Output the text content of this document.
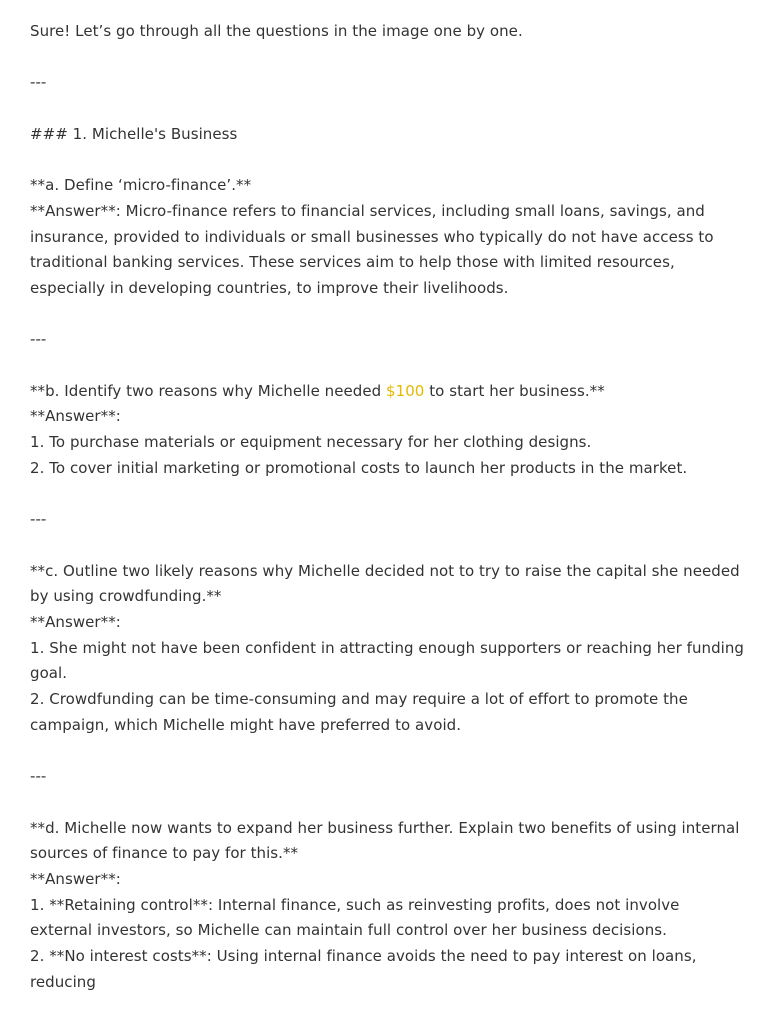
Sure! Let’s go through all the questions in the image one by one.
---
### 1. Michelle's Business
**a. Define ‘micro-finance’.**
**Answer**: Micro-finance refers to financial services, including small loans, savings, and insurance, provided to individuals or small businesses who typically do not have access to traditional banking services. These services aim to help those with limited resources, especially in developing countries, to improve their livelihoods.
---
**b. Identify two reasons why Michelle needed $100 to start her business.**
**Answer**:
1. To purchase materials or equipment necessary for her clothing designs.
2. To cover initial marketing or promotional costs to launch her products in the market.
---
**c. Outline two likely reasons why Michelle decided not to try to raise the capital she needed by using crowdfunding.**
**Answer**:
1. She might not have been confident in attracting enough supporters or reaching her funding goal.
2. Crowdfunding can be time-consuming and may require a lot of effort to promote the campaign, which Michelle might have preferred to avoid.
---
**d. Michelle now wants to expand her business further. Explain two benefits of using internal sources of finance to pay for this.**
**Answer**:
1. **Retaining control**: Internal finance, such as reinvesting profits, does not involve external investors, so Michelle can maintain full control over her business decisions.
2. **No interest costs**: Using internal finance avoids the need to pay interest on loans, reducing
